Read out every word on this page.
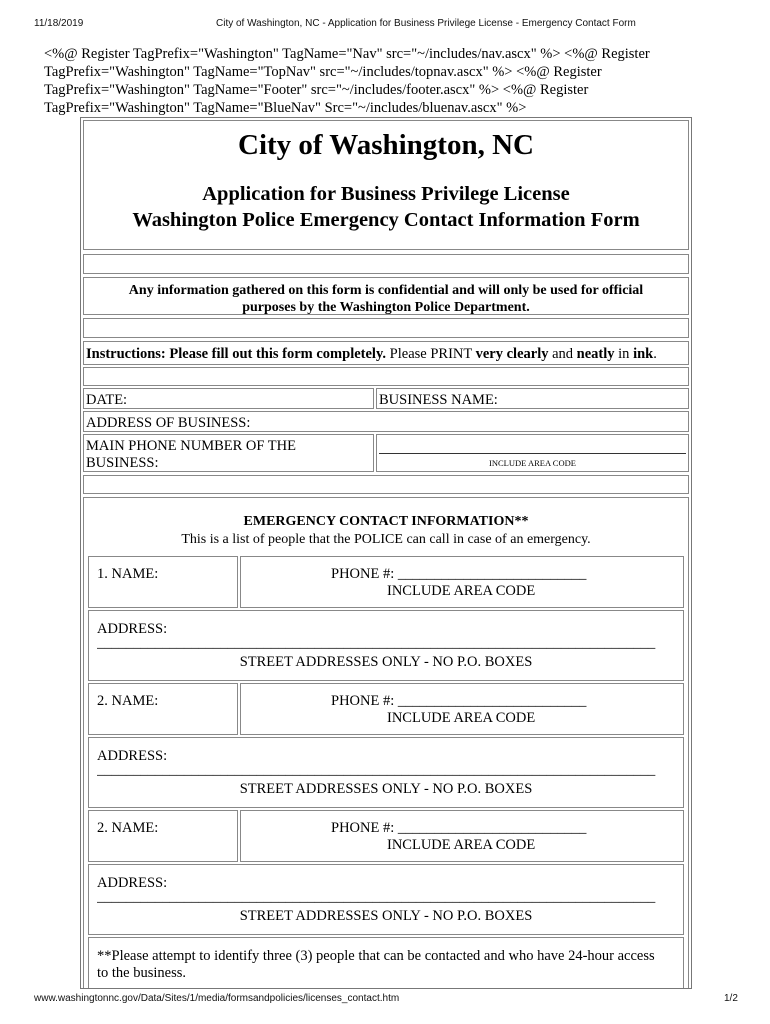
11/18/2019	City of Washington, NC - Application for Business Privilege License - Emergency Contact Form
<%@ Register TagPrefix="Washington" TagName="Nav" src="~/includes/nav.ascx" %> <%@ Register TagPrefix="Washington" TagName="TopNav" src="~/includes/topnav.ascx" %> <%@ Register TagPrefix="Washington" TagName="Footer" src="~/includes/footer.ascx" %> <%@ Register TagPrefix="Washington" TagName="BlueNav" Src="~/includes/bluenav.ascx" %>
City of Washington, NC
Application for Business Privilege License
Washington Police Emergency Contact Information Form
Any information gathered on this form is confidential and will only be used for official
purposes by the Washington Police Department.
Instructions: Please fill out this form completely. Please PRINT very clearly and neatly in ink.
DATE:	BUSINESS NAME:
ADDRESS OF BUSINESS:
MAIN PHONE NUMBER OF THE
BUSINESS:	INCLUDE AREA CODE
EMERGENCY CONTACT INFORMATION**
This is a list of people that the POLICE can call in case of an emergency.
1. NAME:	PHONE #: __________________________
INCLUDE AREA CODE
ADDRESS:
_____________________________________________________________________________
STREET ADDRESSES ONLY - NO P.O. BOXES
2. NAME:	PHONE #: __________________________
INCLUDE AREA CODE
ADDRESS:
_____________________________________________________________________________
STREET ADDRESSES ONLY - NO P.O. BOXES
2. NAME:	PHONE #: __________________________
INCLUDE AREA CODE
ADDRESS:
_____________________________________________________________________________
STREET ADDRESSES ONLY - NO P.O. BOXES
**Please attempt to identify three (3) people that can be contacted and who have 24-hour access
to the business.
www.washingtonnc.gov/Data/Sites/1/media/formsandpolicies/licenses_contact.htm	1/2
